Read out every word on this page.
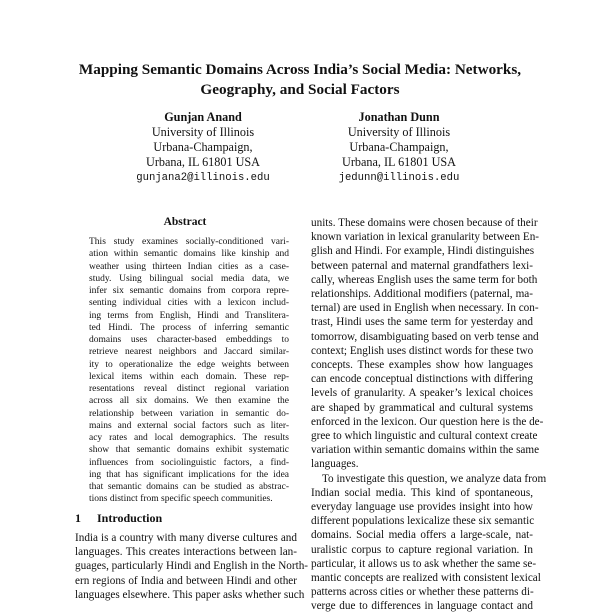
Mapping Semantic Domains Across India’s Social Media: Networks,
Geography, and Social Factors
Gunjan Anand
University of Illinois
Urbana-Champaign,
Urbana, IL 61801 USA
gunjana2@illinois.edu
Jonathan Dunn
University of Illinois
Urbana-Champaign,
Urbana, IL 61801 USA
jedunn@illinois.edu
Abstract
This study examines socially-conditioned vari-
ation within semantic domains like kinship and
weather using thirteen Indian cities as a case-
study. Using bilingual social media data, we
infer six semantic domains from corpora repre-
senting individual cities with a lexicon includ-
ing terms from English, Hindi and Translitera-
ted Hindi. The process of inferring semantic
domains uses character-based embeddings to
retrieve nearest neighbors and Jaccard similar-
ity to operationalize the edge weights between
lexical items within each domain. These rep-
resentations reveal distinct regional variation
across all six domains. We then examine the
relationship between variation in semantic do-
mains and external social factors such as liter-
acy rates and local demographics. The results
show that semantic domains exhibit systematic
influences from sociolinguistic factors, a find-
ing that has significant implications for the idea
that semantic domains can be studied as abstrac-
tions distinct from specific speech communities.
1 Introduction
India is a country with many diverse cultures and
languages. This creates interactions between lan-
guages, particularly Hindi and English in the North-
ern regions of India and between Hindi and other
languages elsewhere. This paper asks whether such
units. These domains were chosen because of their
known variation in lexical granularity between En-
glish and Hindi. For example, Hindi distinguishes
between paternal and maternal grandfathers lexi-
cally, whereas English uses the same term for both
relationships. Additional modifiers (paternal, ma-
ternal) are used in English when necessary. In con-
trast, Hindi uses the same term for yesterday and
tomorrow, disambiguating based on verb tense and
context; English uses distinct words for these two
concepts. These examples show how languages
can encode conceptual distinctions with differing
levels of granularity. A speaker’s lexical choices
are shaped by grammatical and cultural systems
enforced in the lexicon. Our question here is the de-
gree to which linguistic and cultural context create
variation within semantic domains within the same
languages.
To investigate this question, we analyze data from
Indian social media. This kind of spontaneous,
everyday language use provides insight into how
different populations lexicalize these six semantic
domains. Social media offers a large-scale, nat-
uralistic corpus to capture regional variation. In
particular, it allows us to ask whether the same se-
mantic concepts are realized with consistent lexical
patterns across cities or whether these patterns di-
verge due to differences in language contact and
